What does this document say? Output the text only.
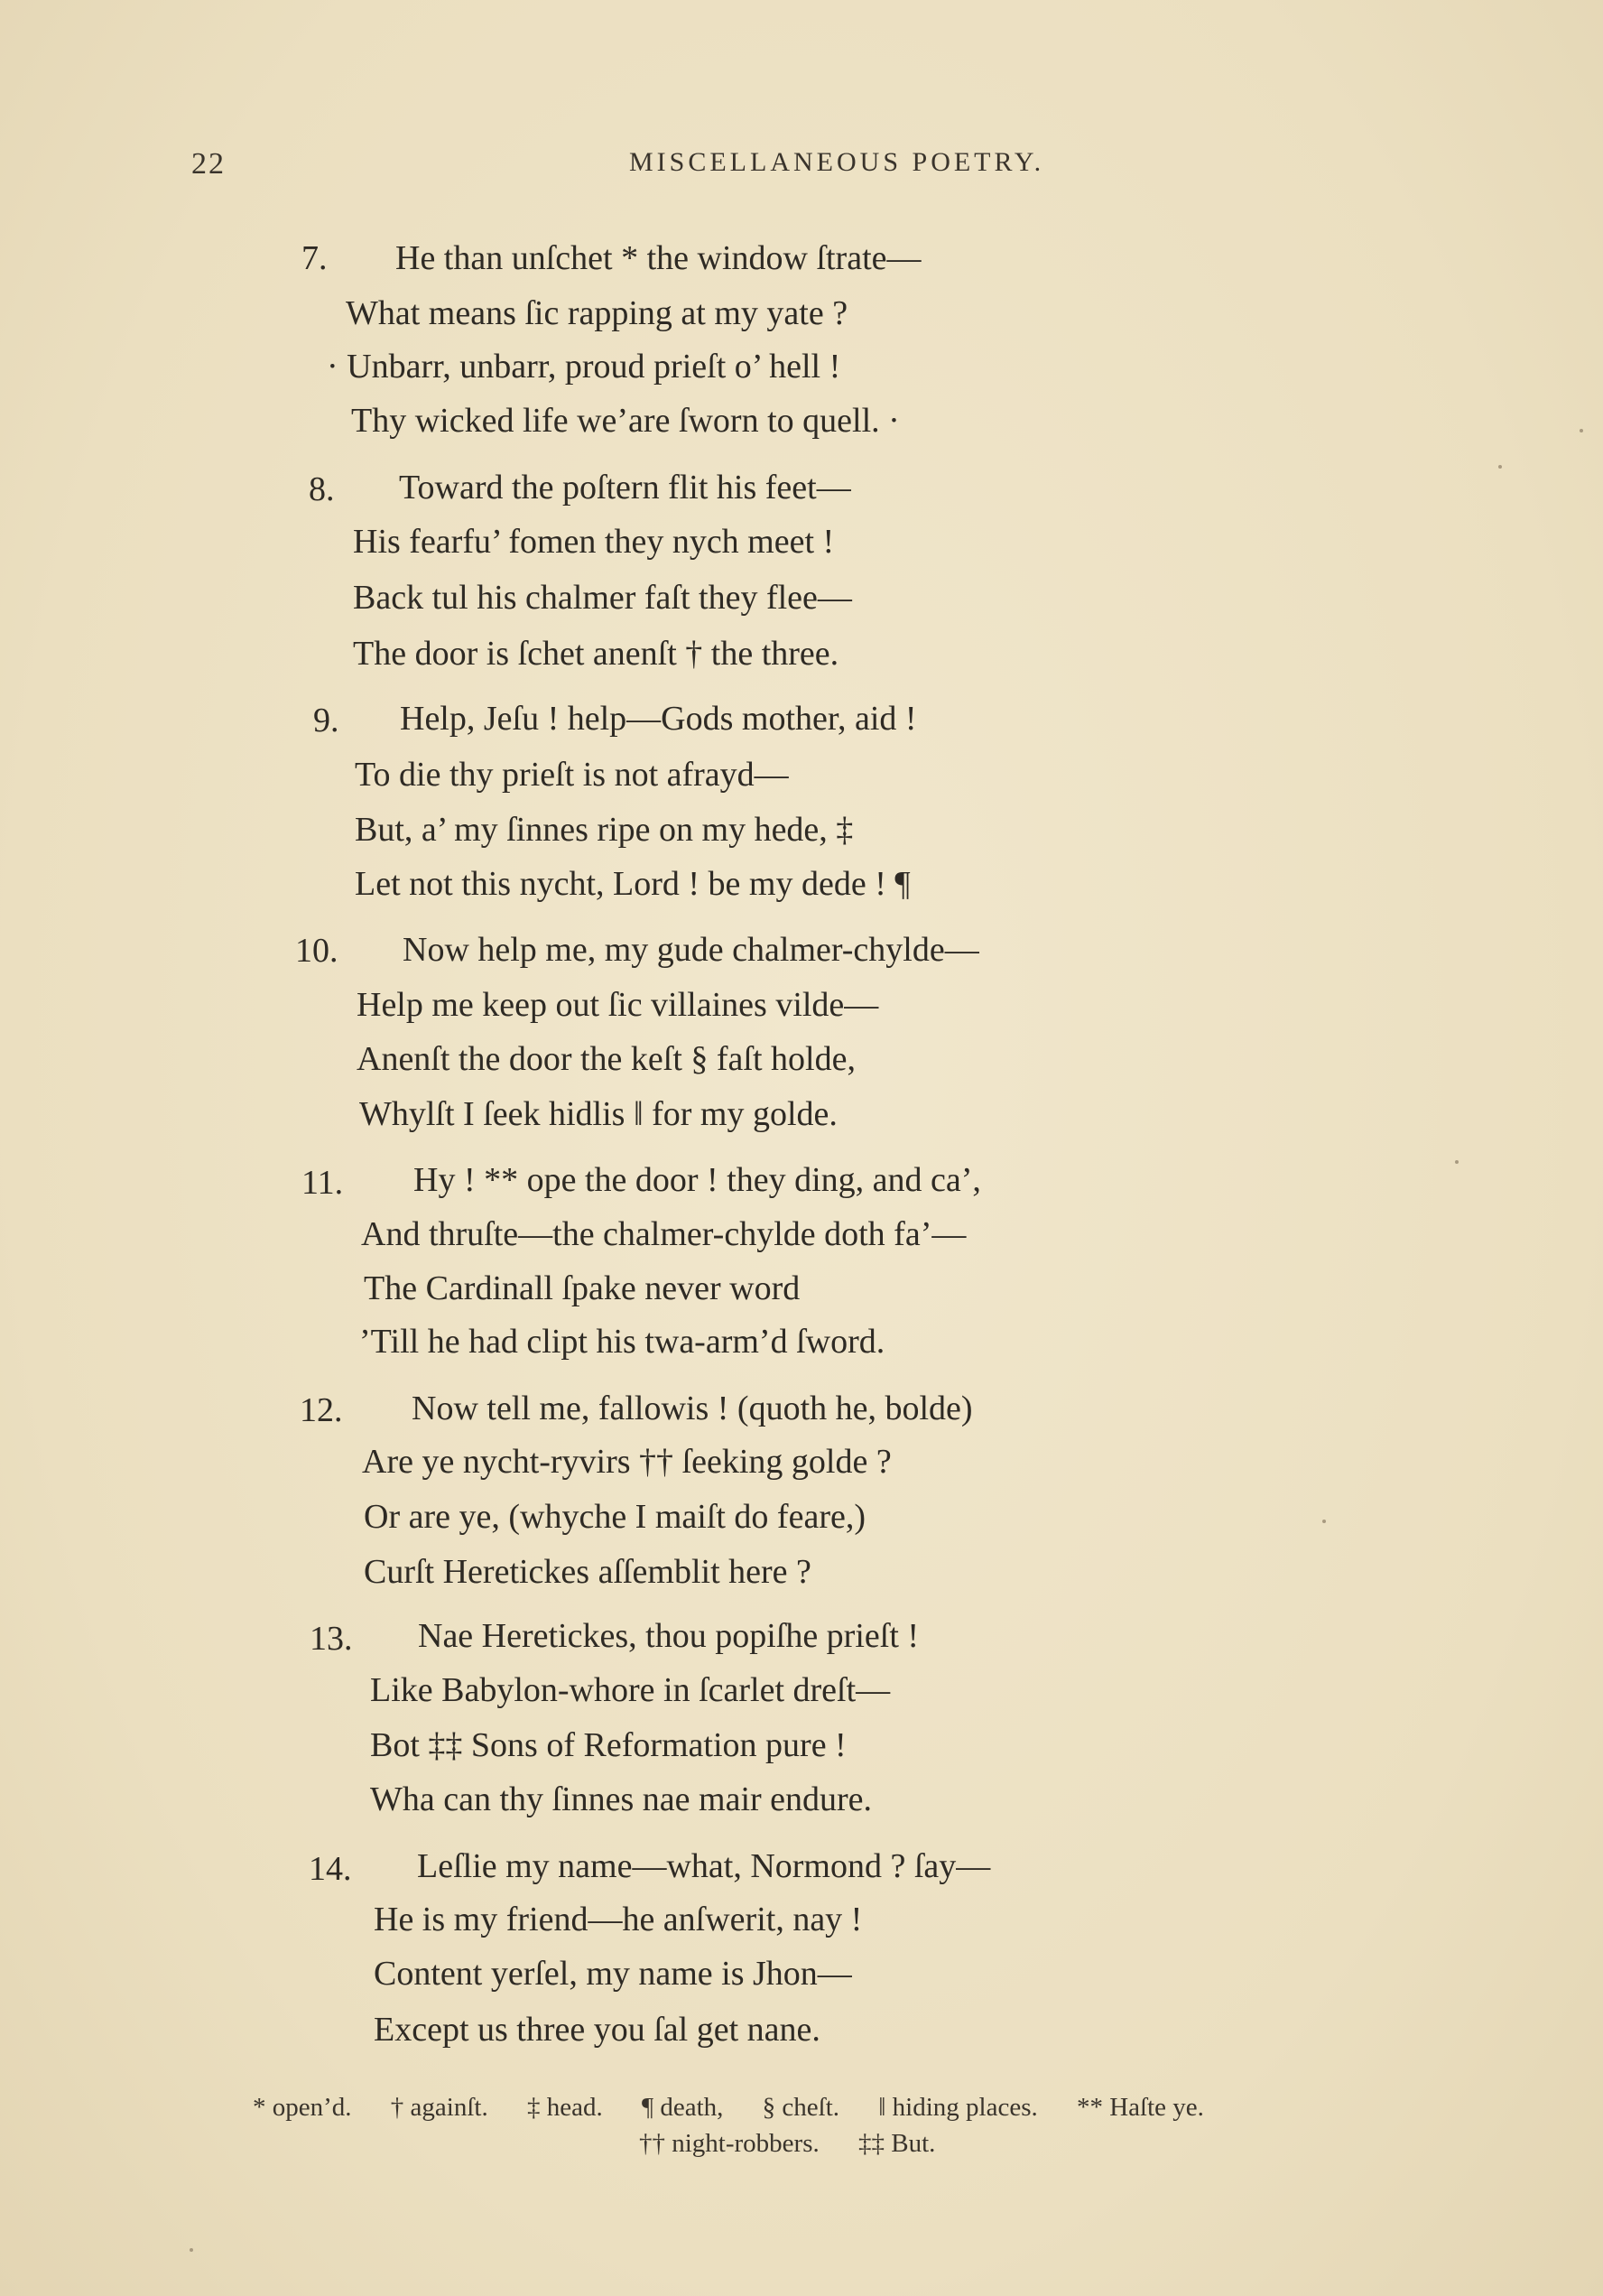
22	MISCELLANEOUS POETRY.
7. He than unſchet * the window ſtrate—
What means ſic rapping at my yate ?
· Unbarr, unbarr, proud prieſt o’ hell !
Thy wicked life we’are ſworn to quell. ·
8. Toward the poſtern flit his feet—
His fearfu’ fomen they nych meet !
Back tul his chalmer faſt they flee—
The door is ſchet anenſt † the three.
9. Help, Jeſu ! help—Gods mother, aid !
To die thy prieſt is not afrayd—
But, a’ my ſinnes ripe on my hede, ‡
Let not this nycht, Lord ! be my dede ! ¶
10. Now help me, my gude chalmer-chylde—
Help me keep out ſic villaines vilde—
Anenſt the door the keſt § faſt holde,
Whylſt I ſeek hidlis ‖ for my golde.
11. Hy ! ** ope the door ! they ding, and ca’,
And thruſte—the chalmer-chylde doth fa’—
The Cardinall ſpake never word
’Till he had clipt his twa-arm’d ſword.
12. Now tell me, fallowis ! (quoth he, bolde)
Are ye nycht-ryvirs †† ſeeking golde ?
Or are ye, (whyche I maiſt do feare,)
Curſt Heretickes aſſemblit here ?
13. Nae Heretickes, thou popiſhe prieſt !
Like Babylon-whore in ſcarlet dreſt—
Bot ‡‡ Sons of Reformation pure !
Wha can thy ſinnes nae mair endure.
14. Leſlie my name—what, Normond ? ſay—
He is my friend—he anſwerit, nay !
Content yerſel, my name is Jhon—
Except us three you ſal get nane.
* open’d. † againſt. ‡ head. ¶ death, § cheſt. ‖ hiding places. ** Haſte ye.
†† night-robbers. ‡‡ But.
